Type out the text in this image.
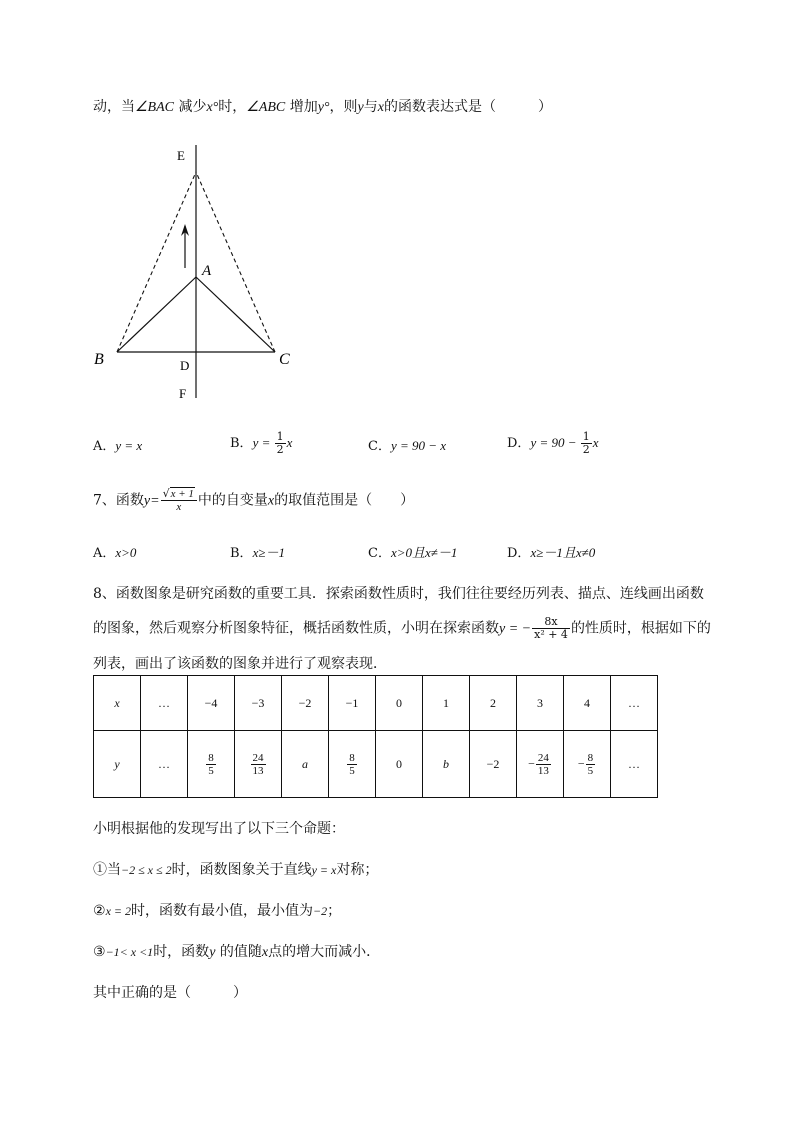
动，当∠BAC 减少x°时，∠ABC 增加y°，则y与x的函数表达式是（　　　）
E
A
B	C
D
F
A．y = x	B．$y = \frac{1}{2}$ x	C．y = 90 − x	D．$y = 90 - \frac{1}{2}$ x
7、函数$y= \frac{√x + 1}{x}$ 中的自变量x的取值范围是（　　）
A．x>0	B．x≥－1	C．x>0且x≠－1	D．x≥－1且x≠0
8、函数图象是研究函数的重要工具．探索函数性质时，我们往往要经历列表、描点、连线画出函数
的图象，然后观察分析图象特征，概括函数性质，小明在探索函数y = − $\frac{8x}{\text{x² + 4}}$ 的性质时，根据如下的
列表，画出了该函数的图象并进行了观察表现．
x	…	−4	−3	−2	−1	0	1	2	3	4	…
y	…	$\frac{8}{5}$	$\frac{24}{13}$	a	$\frac{8}{5}$	0	b	−2	− $\frac{24}{13}$	− $\frac{8}{5}$	…
小明根据他的发现写出了以下三个命题：
①当−2 ≤ x ≤ 2时，函数图象关于直线y = x对称；
②x = 2时，函数有最小值，最小值为−2；
③−1< x <1时，函数y 的值随x点的增大而减小．
其中正确的是（　　　）
